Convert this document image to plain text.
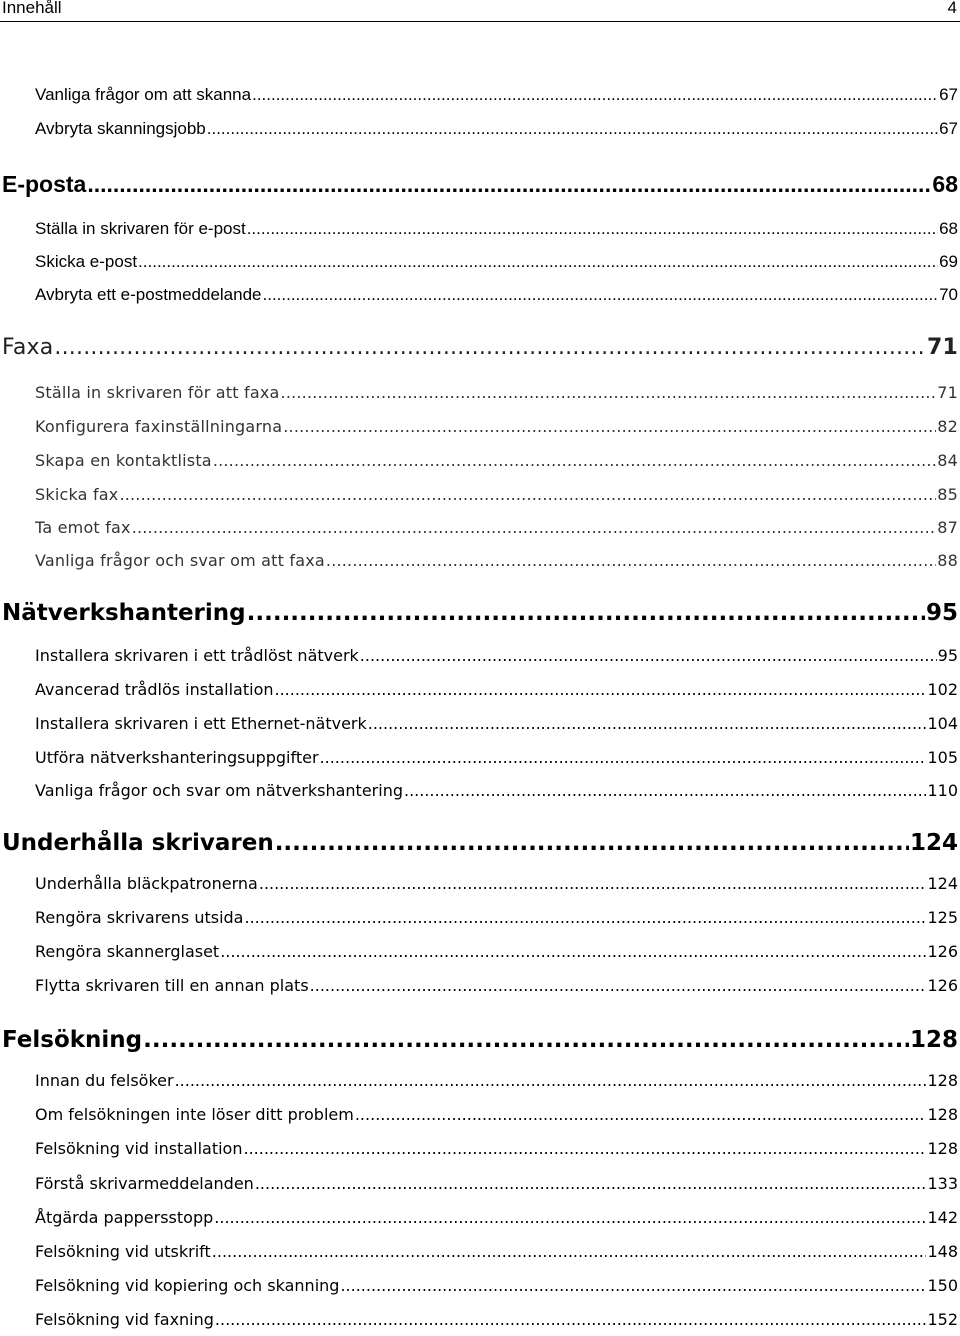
Innehåll	4
Vanliga frågor om att skanna .....	67
Avbryta skanningsjobb .....	67
E-posta .....	68
Ställa in skrivaren för e-post .....	68
Skicka e-post .....	69
Avbryta ett e-postmeddelande .....	70
Faxa .....	71
Ställa in skrivaren för att faxa .....	71
Konfigurera faxinställningarna .....	82
Skapa en kontaktlista .....	84
Skicka fax .....	85
Ta emot fax .....	87
Vanliga frågor och svar om att faxa .....	88
Nätverkshantering .....	95
Installera skrivaren i ett trådlöst nätverk .....	95
Avancerad trådlös installation .....	102
Installera skrivaren i ett Ethernet-nätverk .....	104
Utföra nätverkshanteringsuppgifter .....	105
Vanliga frågor och svar om nätverkshantering .....	110
Underhålla skrivaren .....	124
Underhålla bläckpatronerna .....	124
Rengöra skrivarens utsida .....	125
Rengöra skannerglaset .....	126
Flytta skrivaren till en annan plats .....	126
Felsökning .....	128
Innan du felsöker .....	128
Om felsökningen inte löser ditt problem .....	128
Felsökning vid installation .....	128
Förstå skrivarmeddelanden .....	133
Åtgärda pappersstopp .....	142
Felsökning vid utskrift .....	148
Felsökning vid kopiering och skanning .....	150
Felsökning vid faxning .....	152
